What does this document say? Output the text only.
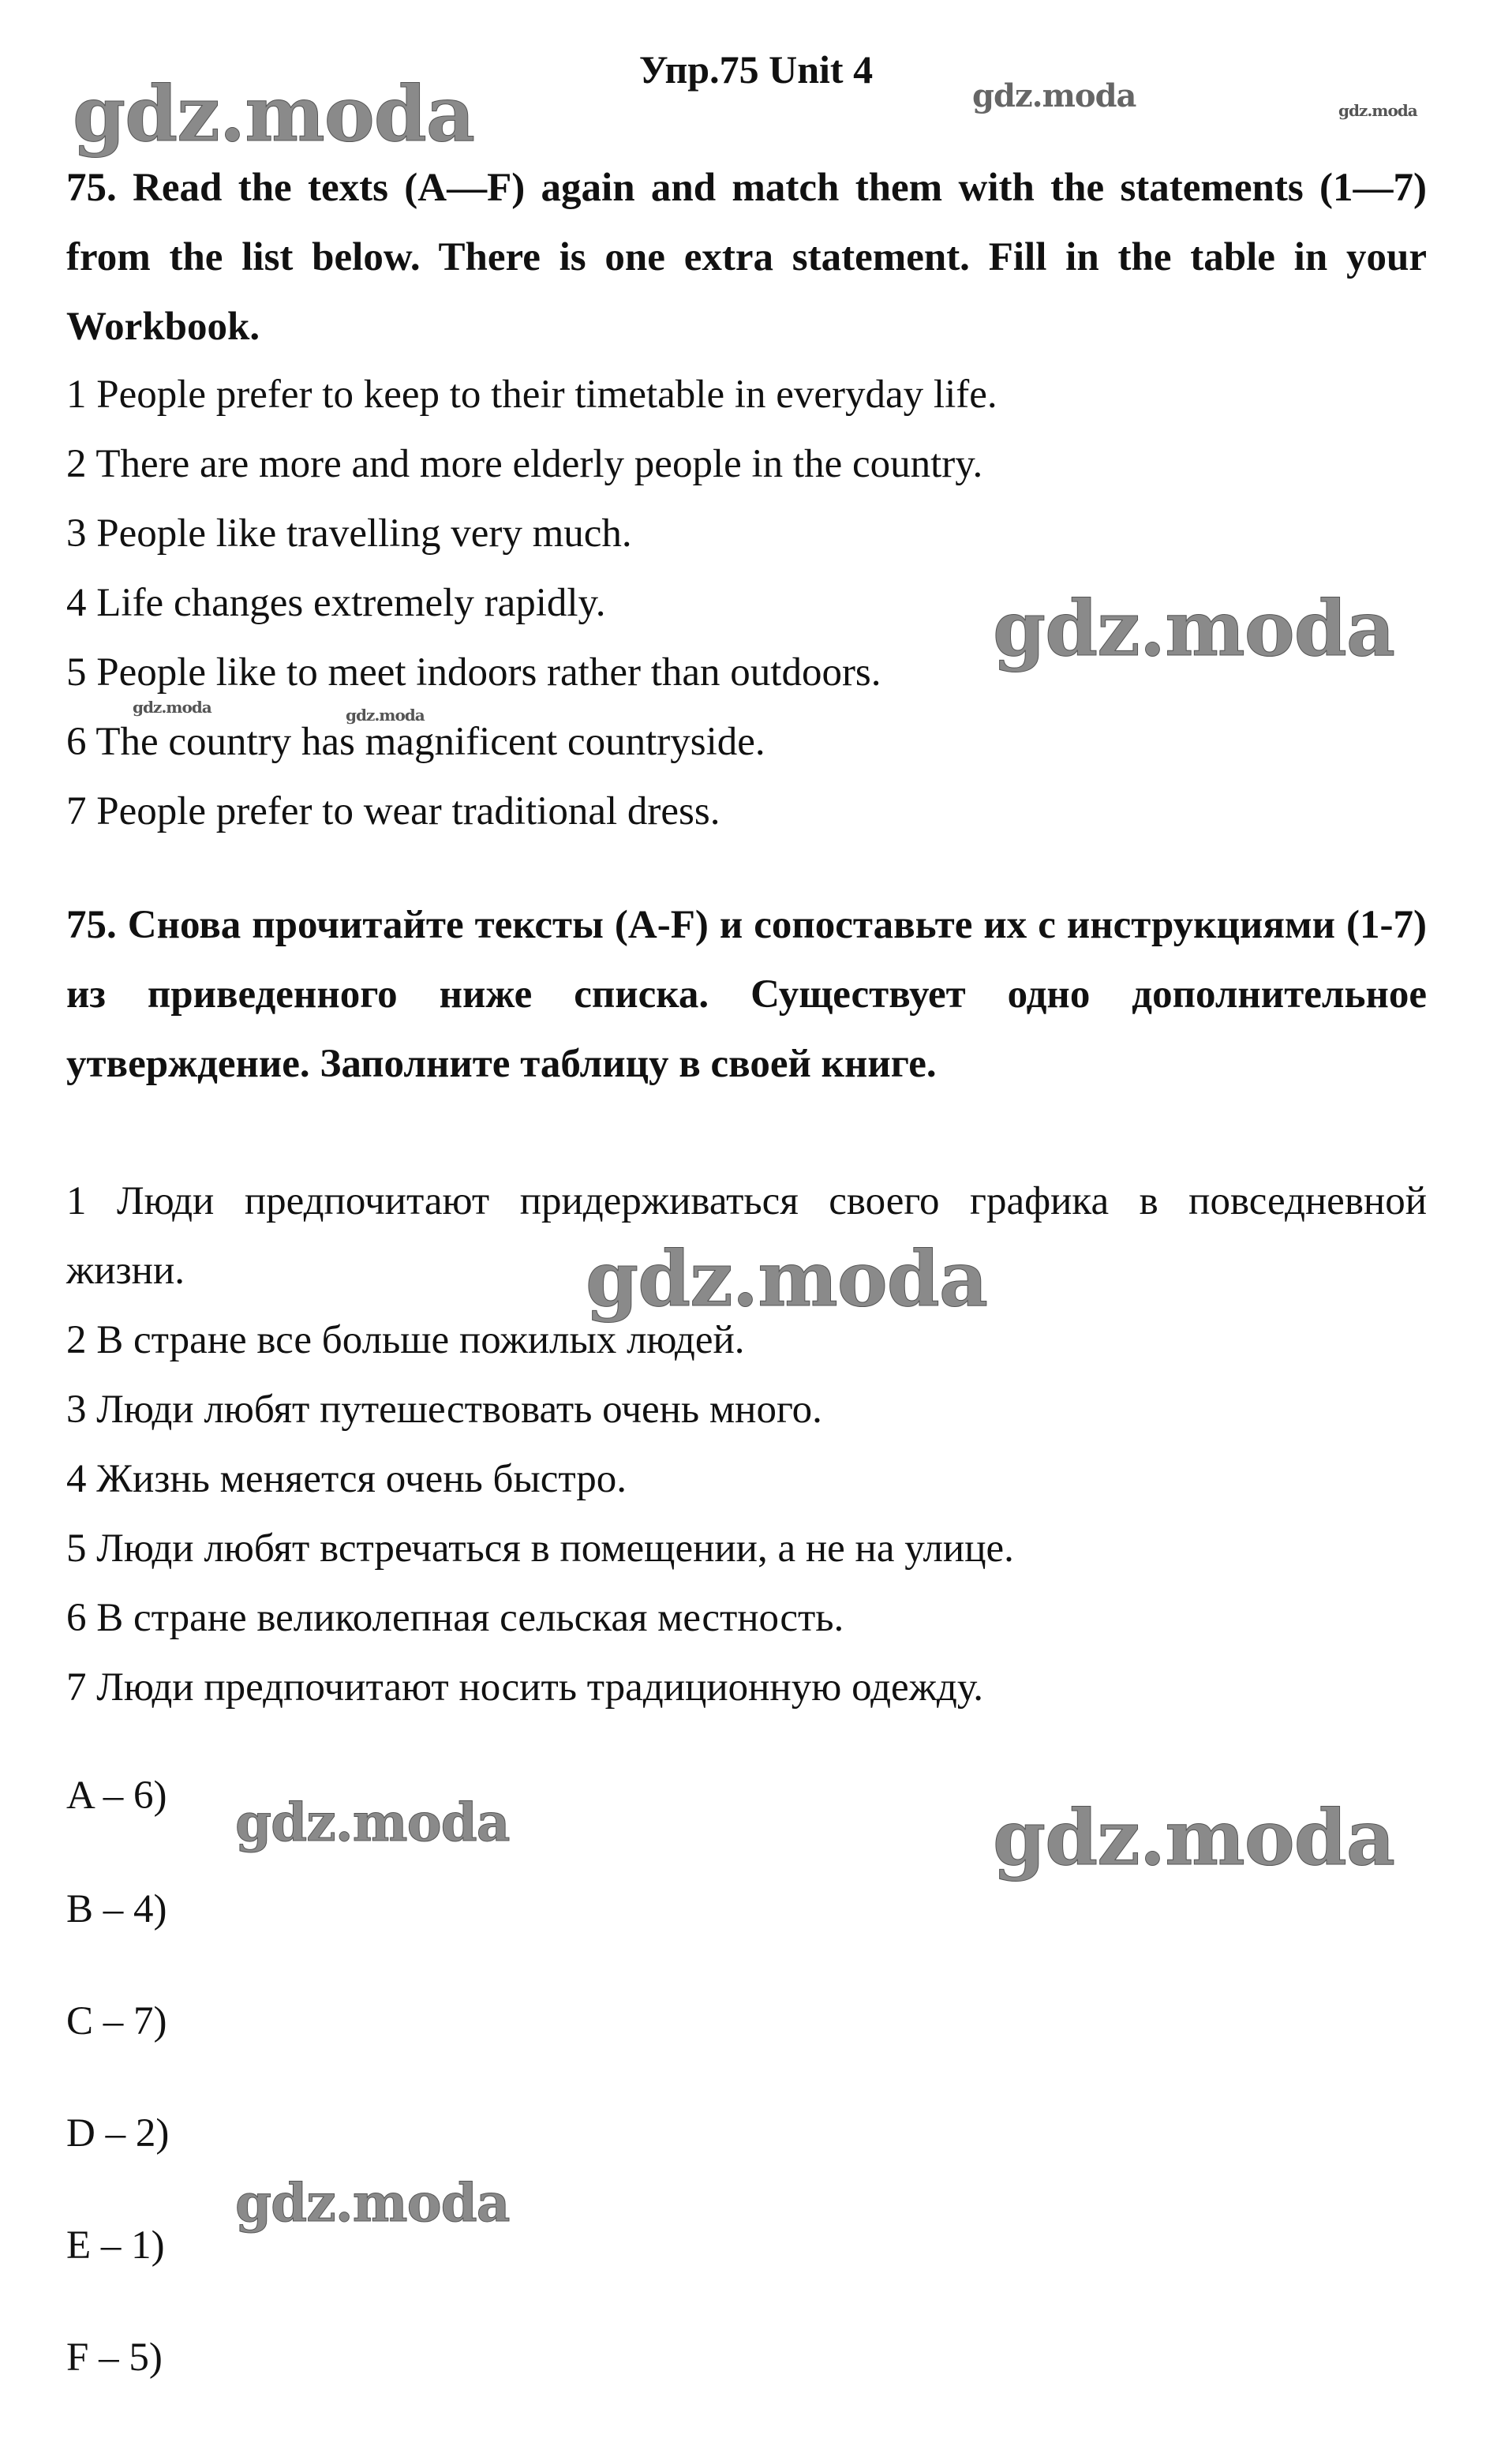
gdz.moda	gdz.moda	gdz.moda
gdz.moda
gdz.moda	gdz.moda
gdz.moda
gdz.moda	gdz.moda
gdz.moda
Упр.75 Unit 4
75. Read the texts (A—F) again and match them with the statements (1—7) from the list below. There is one extra statement. Fill in the table in your Workbook.
1 People prefer to keep to their timetable in everyday life.
2 There are more and more elderly people in the country.
3 People like travelling very much.
4 Life changes extremely rapidly.
5 People like to meet indoors rather than outdoors.
6 The country has magnificent countryside.
7 People prefer to wear traditional dress.
75. Снова прочитайте тексты (A-F) и сопоставьте их с инструкциями (1-7) из приведенного ниже списка. Существует одно дополнительное утверждение. Заполните таблицу в своей книге.
1 Люди предпочитают придерживаться своего графика в повседневной жизни.
2 В стране все больше пожилых людей.
3 Люди любят путешествовать очень много.
4 Жизнь меняется очень быстро.
5 Люди любят встречаться в помещении, а не на улице.
6 В стране великолепная сельская местность.
7 Люди предпочитают носить традиционную одежду.
A – 6)
B – 4)
C – 7)
D – 2)
E – 1)
F – 5)
